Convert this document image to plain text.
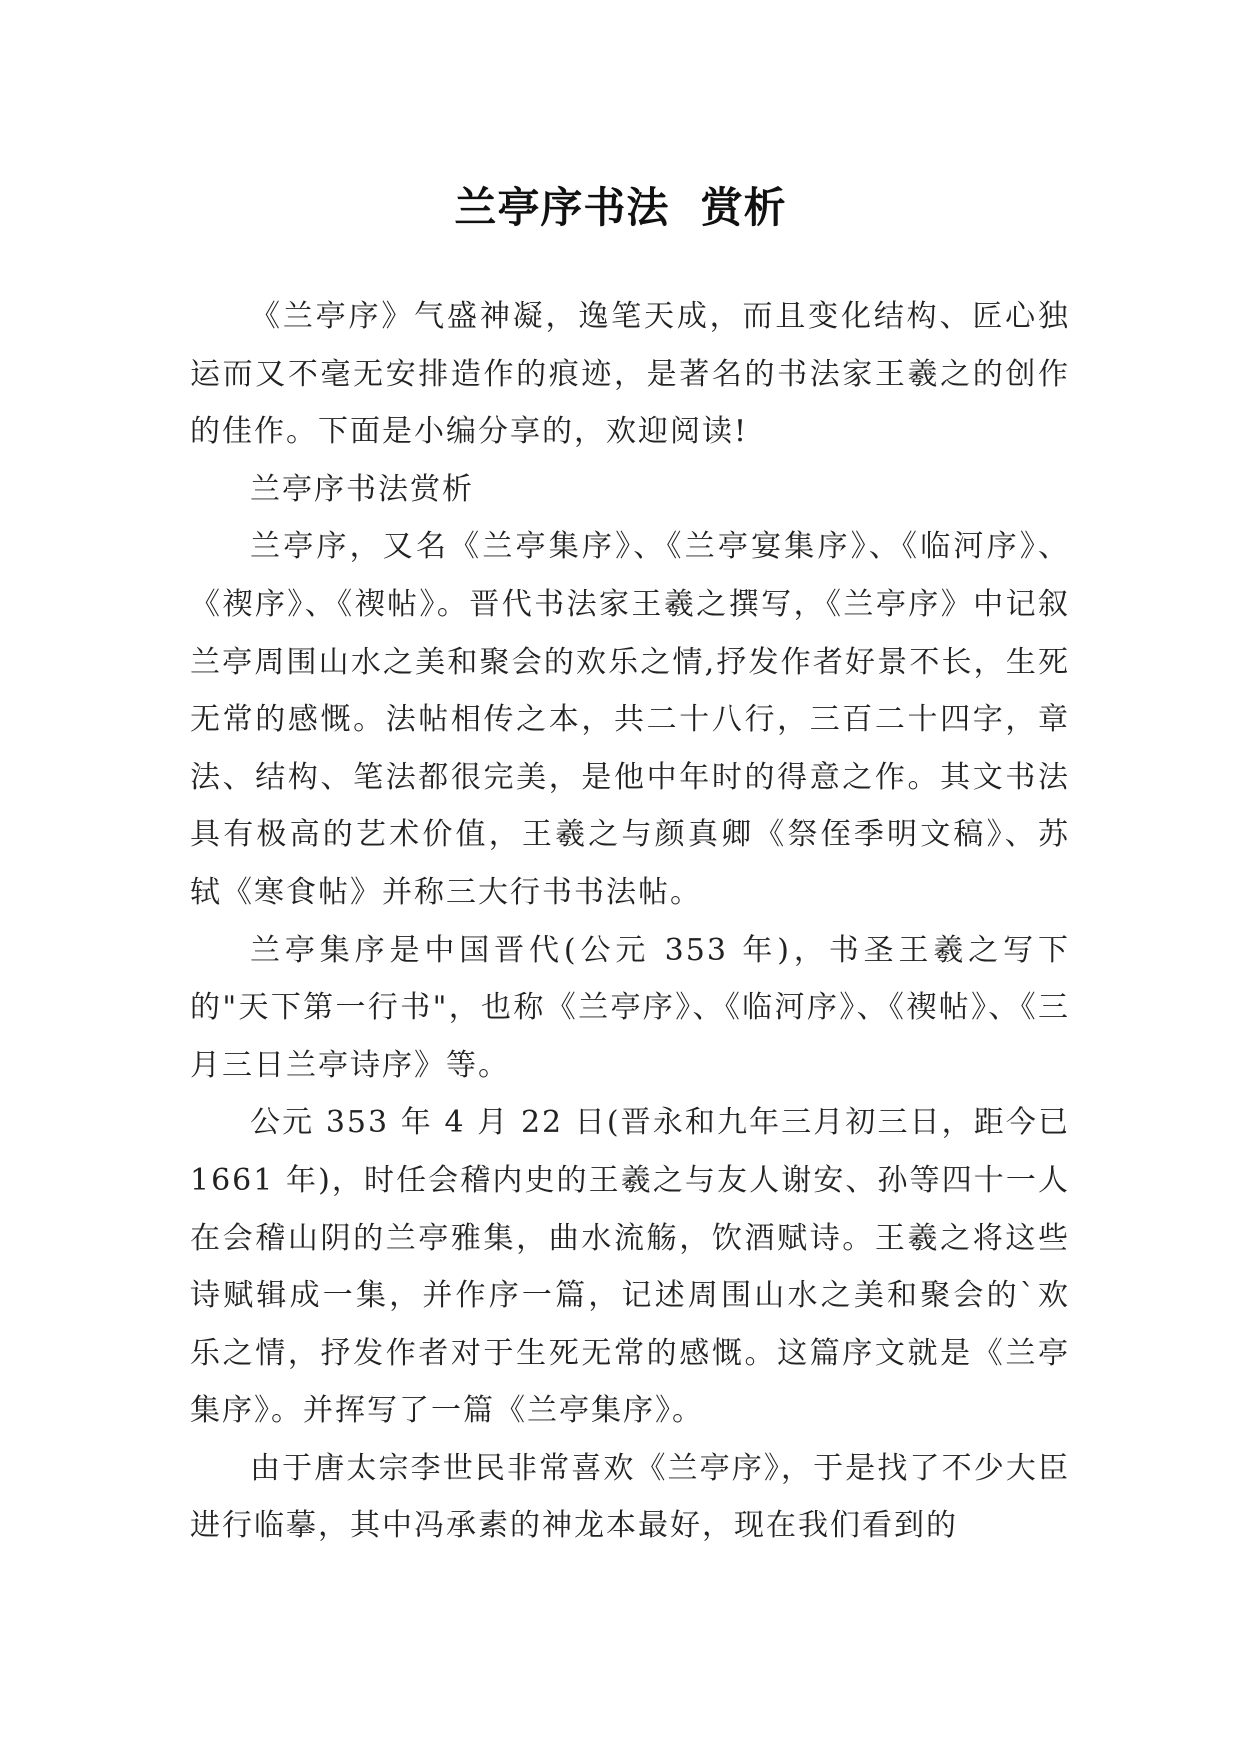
兰亭序书法  赏析

《兰亭序》气盛神凝，逸笔天成，而且变化结构、匠心独运而又不毫无安排造作的痕迹，是著名的书法家王羲之的创作的佳作。下面是小编分享的，欢迎阅读!

兰亭序书法赏析

兰亭序，又名《兰亭集序》、《兰亭宴集序》、《临河序》、《禊序》、《禊帖》。晋代书法家王羲之撰写，《兰亭序》中记叙兰亭周围山水之美和聚会的欢乐之情,抒发作者好景不长，生死无常的感慨。法帖相传之本，共二十八行，三百二十四字，章法、结构、笔法都很完美，是他中年时的得意之作。其文书法具有极高的艺术价值，王羲之与颜真卿《祭侄季明文稿》、苏轼《寒食帖》并称三大行书书法帖。

兰亭集序是中国晋代(公元 353 年)，书圣王羲之写下的"天下第一行书"，也称《兰亭序》、《临河序》、《禊帖》、《三月三日兰亭诗序》等。

公元 353 年 4 月 22 日(晋永和九年三月初三日，距今已 1661 年)，时任会稽内史的王羲之与友人谢安、孙等四十一人在会稽山阴的兰亭雅集，曲水流觞，饮酒赋诗。王羲之将这些诗赋辑成一集，并作序一篇，记述周围山水之美和聚会的`欢乐之情，抒发作者对于生死无常的感慨。这篇序文就是《兰亭集序》。并挥写了一篇《兰亭集序》。

由于唐太宗李世民非常喜欢《兰亭序》，于是找了不少大臣进行临摹，其中冯承素的神龙本最好，现在我们看到的
